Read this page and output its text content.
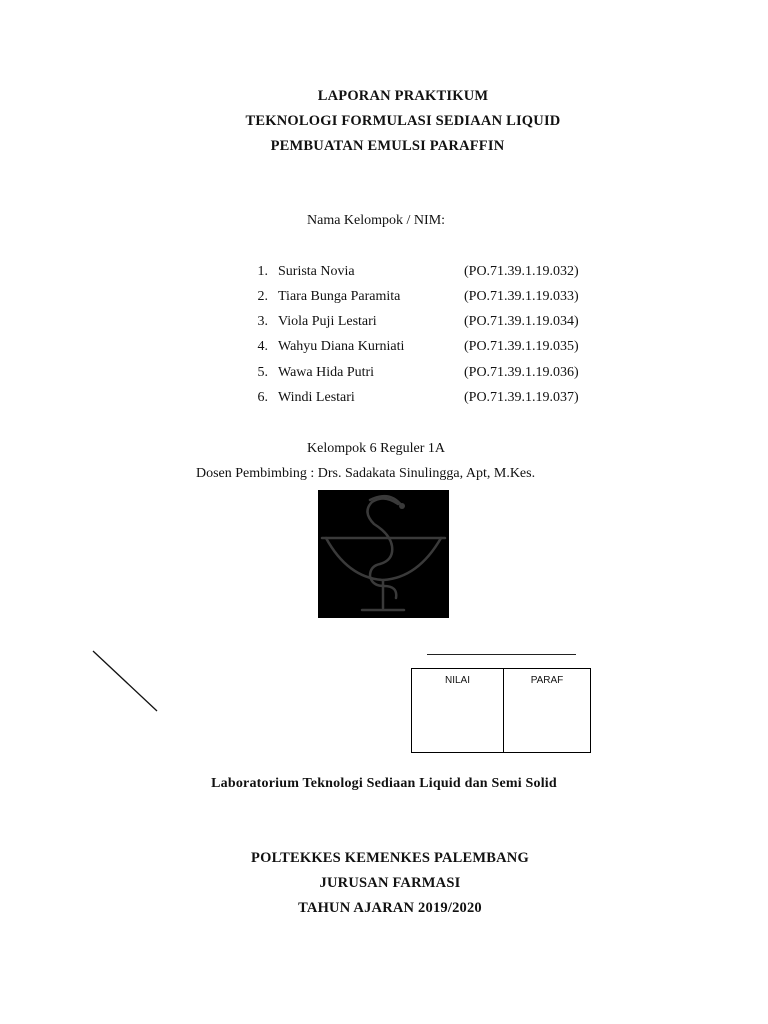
LAPORAN PRAKTIKUM
TEKNOLOGI FORMULASI SEDIAAN LIQUID
PEMBUATAN EMULSI PARAFFIN
Nama Kelompok / NIM:
1. Surista Novia	(PO.71.39.1.19.032)
2. Tiara Bunga Paramita	(PO.71.39.1.19.033)
3. Viola Puji Lestari	(PO.71.39.1.19.034)
4. Wahyu Diana Kurniati	(PO.71.39.1.19.035)
5. Wawa Hida Putri	(PO.71.39.1.19.036)
6. Windi Lestari	(PO.71.39.1.19.037)
Kelompok 6 Reguler 1A
Dosen Pembimbing : Drs. Sadakata Sinulingga, Apt, M.Kes.
NILAI	PARAF
Laboratorium Teknologi Sediaan Liquid dan Semi Solid
POLTEKKES KEMENKES PALEMBANG
JURUSAN FARMASI
TAHUN AJARAN 2019/2020
